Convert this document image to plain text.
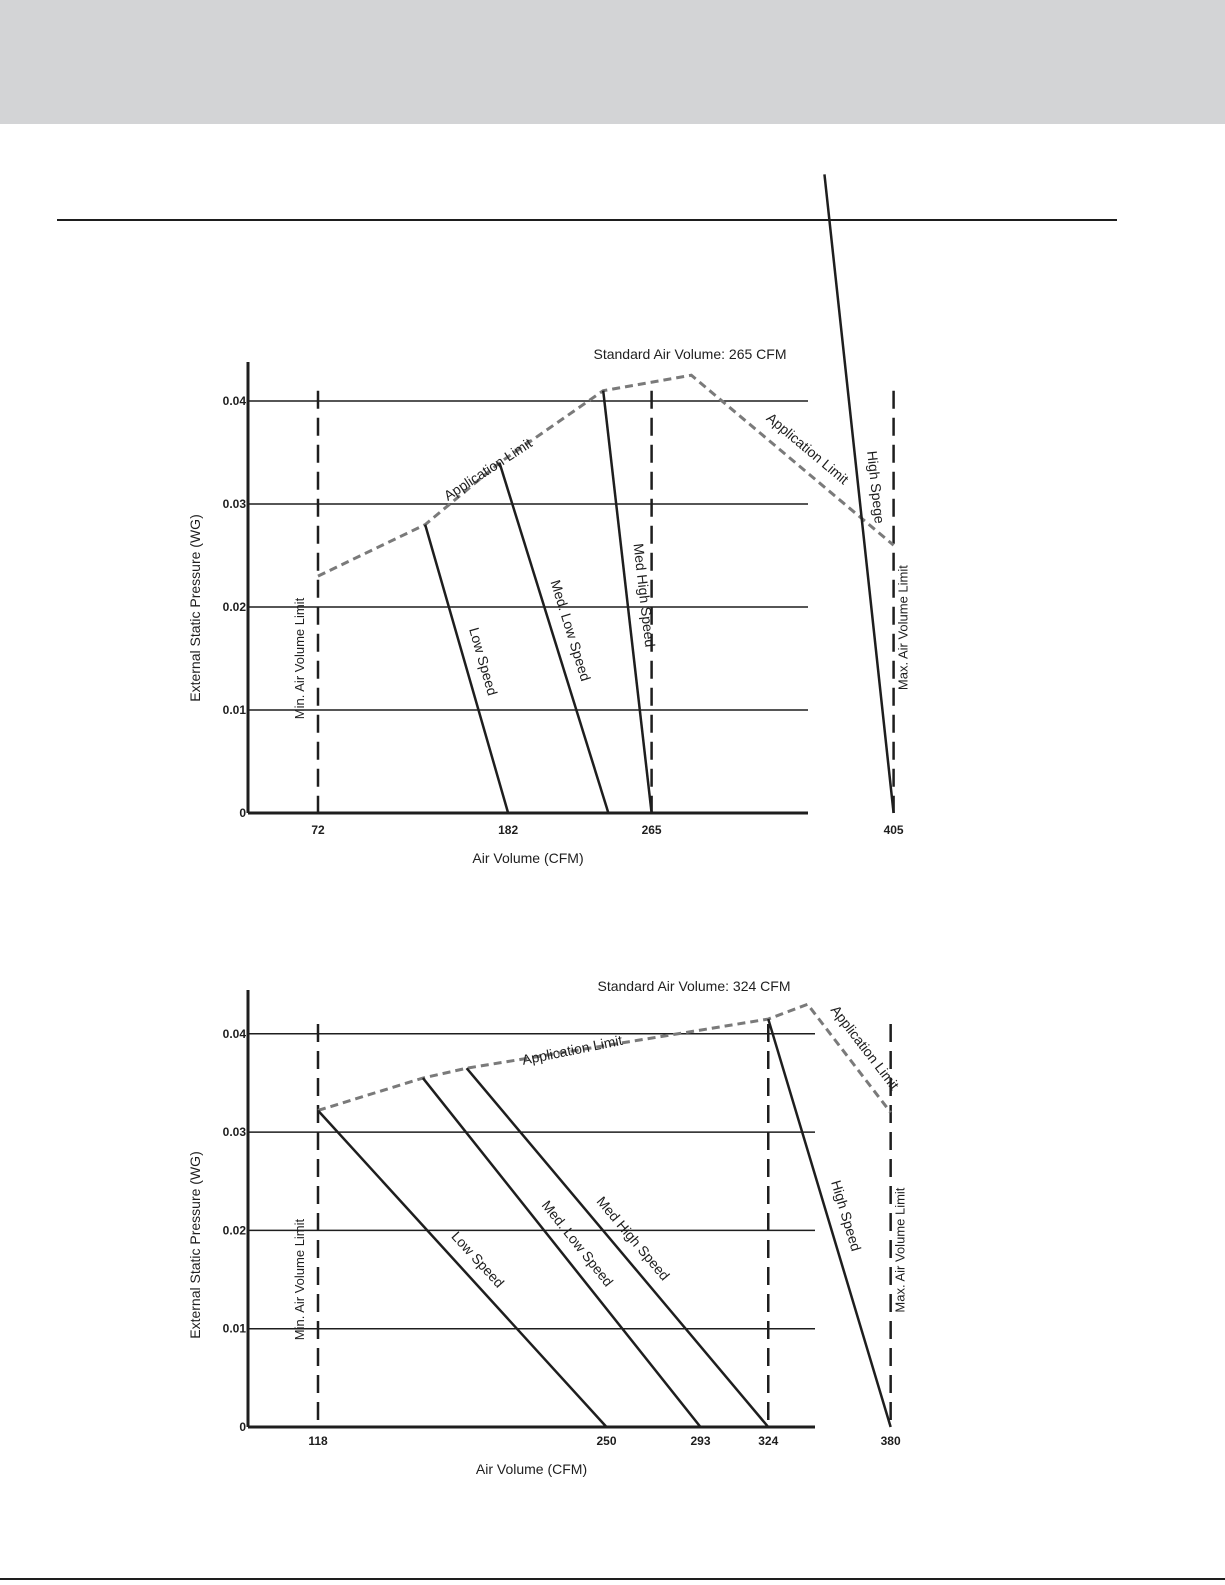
0
0.01
0.02
0.03
0.04
72	182	265	405
Low Speed	Med. Low Speed	Med High Speed
High Spege
Min. Air Volume Limit	Max. Air Volume Limit
Application Limit	Application Limit
External Static Pressure (WG)
Air Volume (CFM)
Standard Air Volume: 265 CFM
0
0.01
0.02
0.03
0.04
118	250	293	324	380
Low Speed Med. Low Speed
Med High Speed	High Speed
Min. Air Volume Limit	Max. Air Volume Limit
Application Limit	Application Limit
External Static Pressure (WG)
Air Volume (CFM)
Standard Air Volume: 324 CFM
